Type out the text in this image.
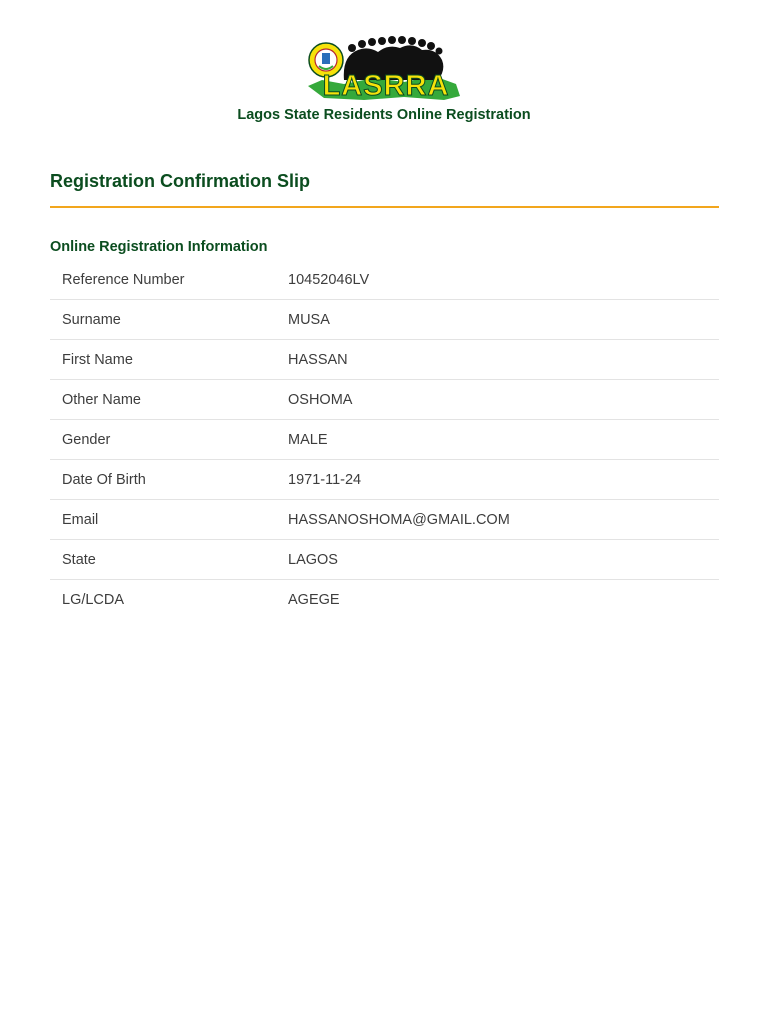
LASRRA
Lagos State Residents Online Registration
Registration Confirmation Slip
Online Registration Information
Reference Number	10452046LV
Surname	MUSA
First Name	HASSAN
Other Name	OSHOMA
Gender	MALE
Date Of Birth	1971-11-24
Email	HASSANOSHOMA@GMAIL.COM
State	LAGOS
LG/LCDA	AGEGE
